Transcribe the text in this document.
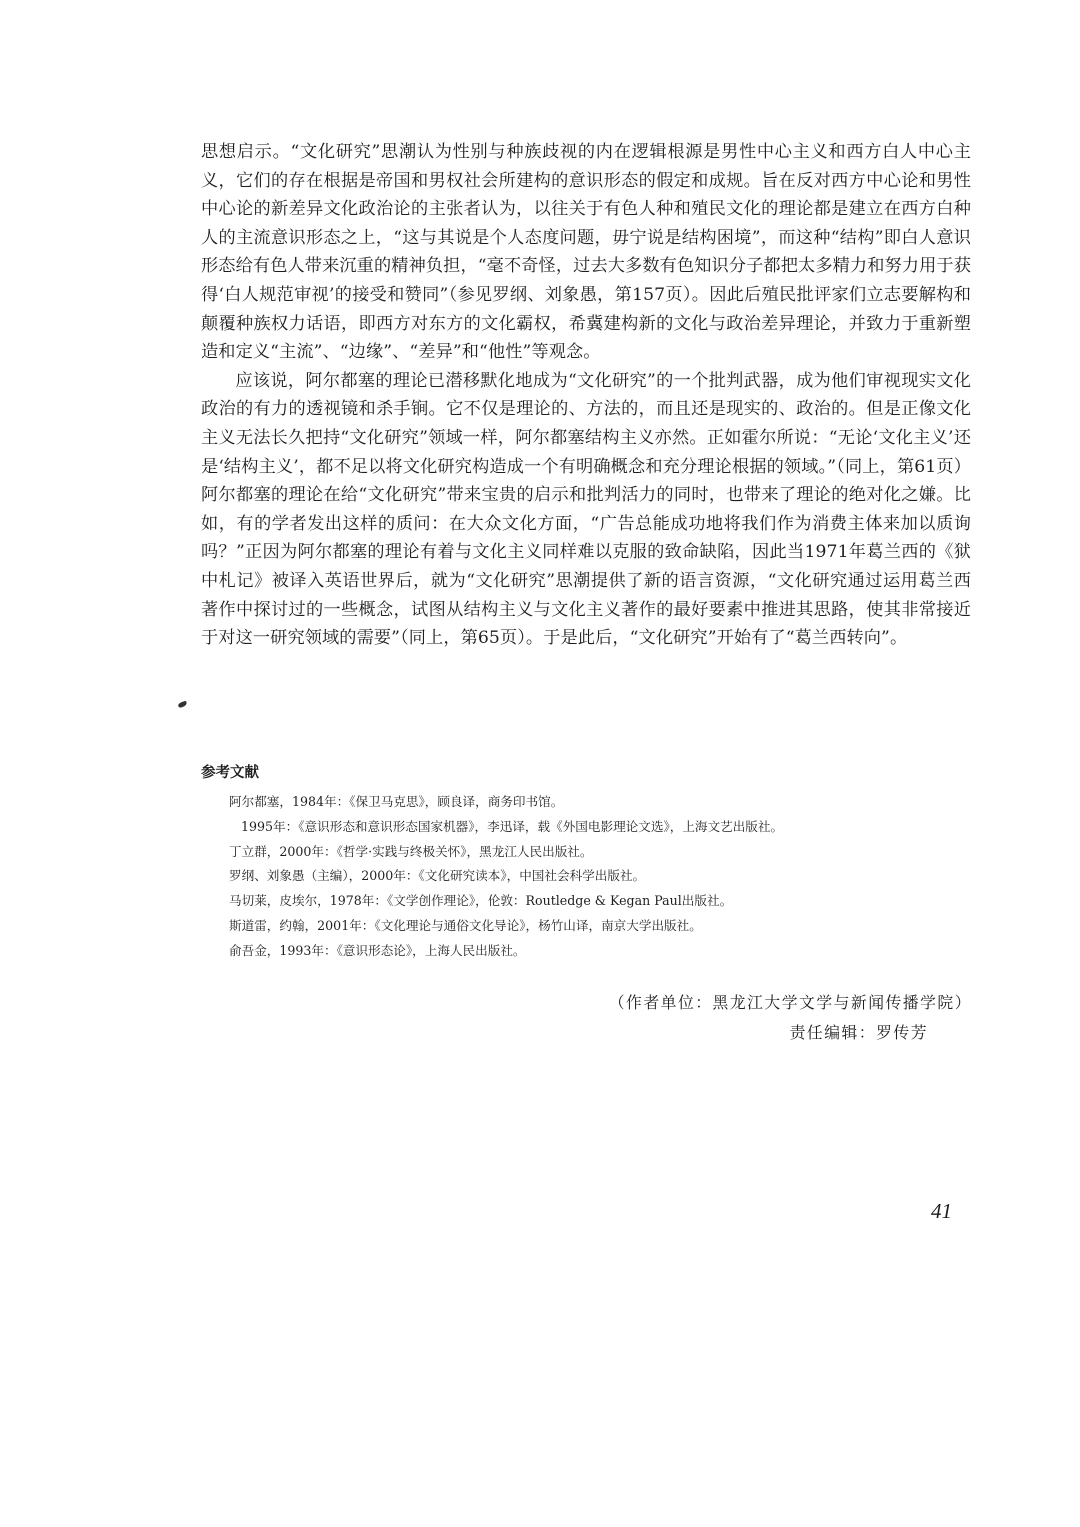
思想启示。“文化研究”思潮认为性别与种族歧视的内在逻辑根源是男性中心主义和西方白人中心主义，它们的存在根据是帝国和男权社会所建构的意识形态的假定和成规。旨在反对西方中心论和男性中心论的新差异文化政治论的主张者认为，以往关于有色人种和殖民文化的理论都是建立在西方白种人的主流意识形态之上，“这与其说是个人态度问题，毋宁说是结构困境”，而这种“结构”即白人意识形态给有色人带来沉重的精神负担，“毫不奇怪，过去大多数有色知识分子都把太多精力和努力用于获得‘白人规范审视’的接受和赞同”（参见罗纲、刘象愚，第157页）。因此后殖民批评家们立志要解构和颠覆种族权力话语，即西方对东方的文化霸权，希冀建构新的文化与政治差异理论，并致力于重新塑造和定义“主流”、“边缘”、“差异”和“他性”等观念。

应该说，阿尔都塞的理论已潜移默化地成为“文化研究”的一个批判武器，成为他们审视现实文化政治的有力的透视镜和杀手锏。它不仅是理论的、方法的，而且还是现实的、政治的。但是正像文化主义无法长久把持“文化研究”领域一样，阿尔都塞结构主义亦然。正如霍尔所说：“无论‘文化主义’还是‘结构主义’，都不足以将文化研究构造成一个有明确概念和充分理论根据的领域。”（同上，第61页）阿尔都塞的理论在给“文化研究”带来宝贵的启示和批判活力的同时，也带来了理论的绝对化之嫌。比如，有的学者发出这样的质问：在大众文化方面，“广告总能成功地将我们作为消费主体来加以质询吗？”正因为阿尔都塞的理论有着与文化主义同样难以克服的致命缺陷，因此当1971年葛兰西的《狱中札记》被译入英语世界后，就为“文化研究”思潮提供了新的语言资源，“文化研究通过运用葛兰西著作中探讨过的一些概念，试图从结构主义与文化主义著作的最好要素中推进其思路，使其非常接近于对这一研究领域的需要”（同上，第65页）。于是此后，“文化研究”开始有了“葛兰西转向”。

参考文献
阿尔都塞，1984年：《保卫马克思》，顾良译，商务印书馆。
1995年：《意识形态和意识形态国家机器》，李迅译，载《外国电影理论文选》，上海文艺出版社。
丁立群，2000年：《哲学·实践与终极关怀》，黑龙江人民出版社。
罗纲、刘象愚（主编），2000年：《文化研究读本》，中国社会科学出版社。
马切莱，皮埃尔，1978年：《文学创作理论》，伦敦：Routledge & Kegan Paul出版社。
斯道雷，约翰，2001年：《文化理论与通俗文化导论》，杨竹山译，南京大学出版社。
俞吾金，1993年：《意识形态论》，上海人民出版社。
（作者单位：黑龙江大学文学与新闻传播学院）
责任编辑：罗传芳
41
